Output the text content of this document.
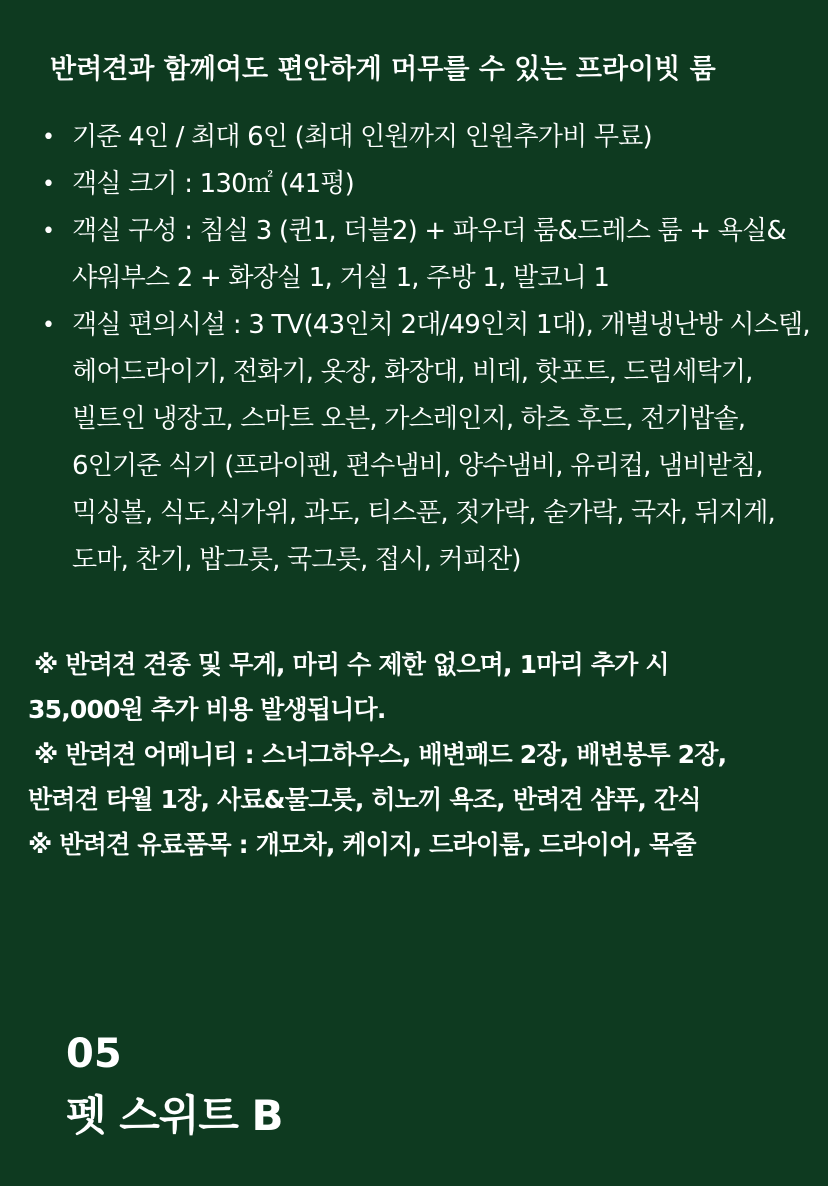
반려견과 함께여도 편안하게 머무를 수 있는 프라이빗 룸
• 기준 4인 / 최대 6인 (최대 인원까지 인원추가비 무료)
• 객실 크기 : 130㎡ (41평)
• 객실 구성 : 침실 3 (퀸1, 더블2) + 파우더 룸&드레스 룸 + 욕실&샤워부스 2 + 화장실 1, 거실 1, 주방 1, 발코니 1
• 객실 편의시설 : 3 TV(43인치 2대/49인치 1대), 개별냉난방 시스템, 헤어드라이기, 전화기, 옷장, 화장대, 비데, 핫포트, 드럼세탁기, 빌트인 냉장고, 스마트 오븐, 가스레인지, 하츠 후드, 전기밥솥, 6인기준 식기 (프라이팬, 편수냄비, 양수냄비, 유리컵, 냄비받침, 믹싱볼, 식도,식가위, 과도, 티스푼, 젓가락, 숟가락, 국자, 뒤지게, 도마, 찬기, 밥그릇, 국그릇, 접시, 커피잔)

※ 반려견 견종 및 무게, 마리 수 제한 없으며, 1마리 추가 시

35,000원 추가 비용 발생됩니다.

※ 반려견 어메니티 : 스너그하우스, 배변패드 2장, 배변봉투 2장,

반려견 타월 1장, 사료&물그릇, 히노끼 욕조, 반려견 샴푸, 간식

※ 반려견 유료품목 : 개모차, 케이지, 드라이룸, 드라이어, 목줄

05
펫 스위트 B
